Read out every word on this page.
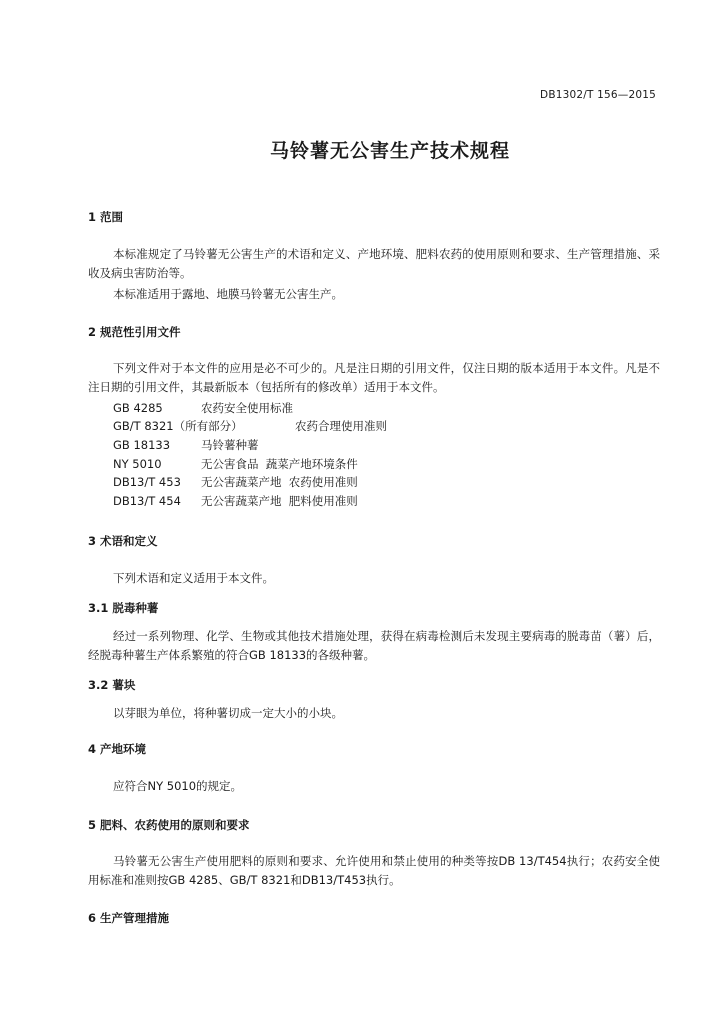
DB1302/T 156—2015
马铃薯无公害生产技术规程
1 范围
本标准规定了马铃薯无公害生产的术语和定义、产地环境、肥料农药的使用原则和要求、生产管理措施、采收及病虫害防治等。
本标准适用于露地、地膜马铃薯无公害生产。
2 规范性引用文件
下列文件对于本文件的应用是必不可少的。凡是注日期的引用文件，仅注日期的版本适用于本文件。凡是不注日期的引用文件，其最新版本（包括所有的修改单）适用于本文件。
GB 4285	农药安全使用标准
GB/T 8321（所有部分）	农药合理使用准则
GB 18133	马铃薯种薯
NY 5010	无公害食品  蔬菜产地环境条件
DB13/T 453 无公害蔬菜产地  农药使用准则
DB13/T 454 无公害蔬菜产地  肥料使用准则
3 术语和定义
下列术语和定义适用于本文件。
3.1 脱毒种薯
经过一系列物理、化学、生物或其他技术措施处理，获得在病毒检测后未发现主要病毒的脱毒苗（薯）后，经脱毒种薯生产体系繁殖的符合GB 18133的各级种薯。
3.2 薯块
以芽眼为单位，将种薯切成一定大小的小块。
4 产地环境
应符合NY 5010的规定。
5 肥料、农药使用的原则和要求
马铃薯无公害生产使用肥料的原则和要求、允许使用和禁止使用的种类等按DB 13/T454执行；农药安全使用标准和准则按GB 4285、GB/T 8321和DB13/T453执行。
6 生产管理措施
